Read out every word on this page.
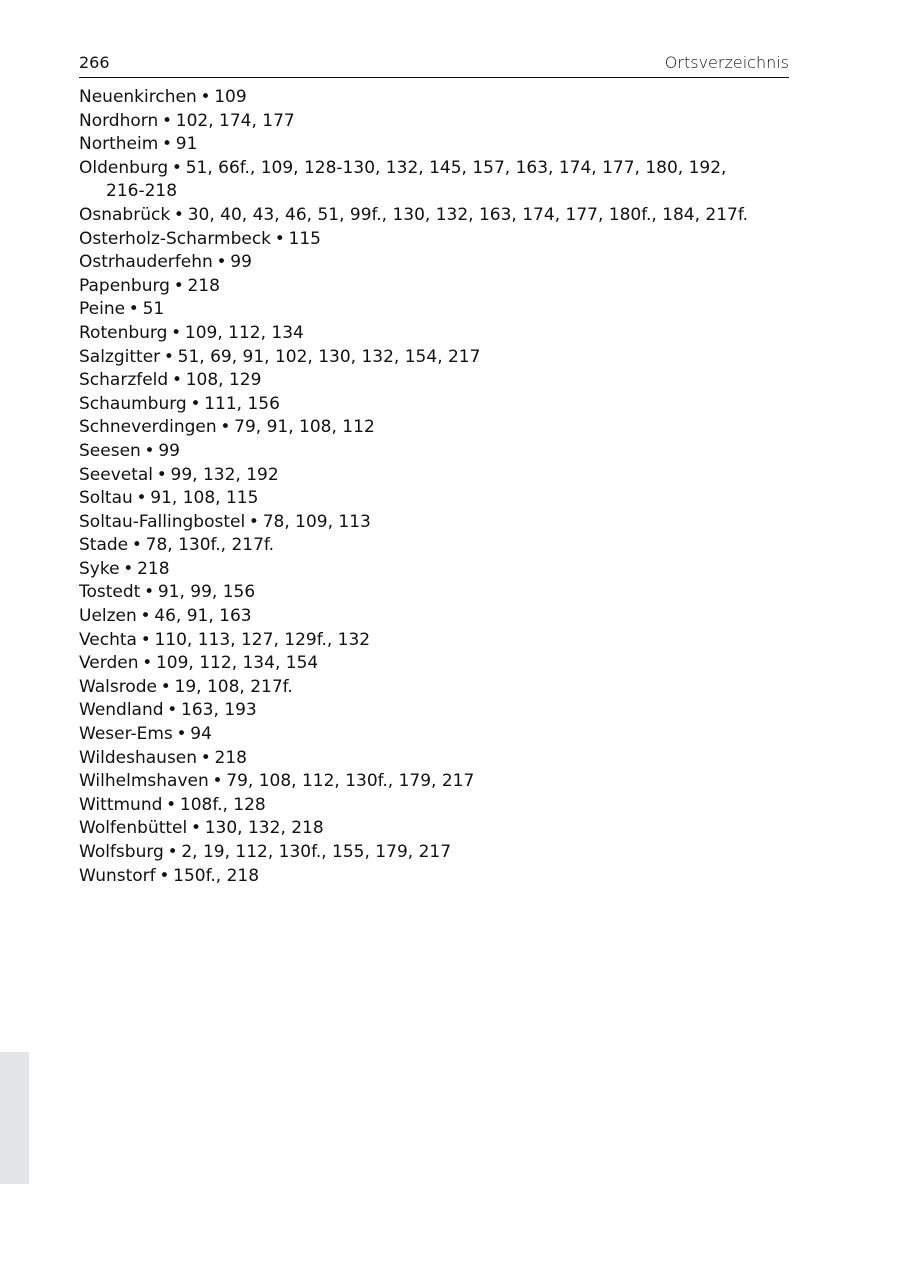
266	Ortsverzeichnis
Neuenkirchen • 109
Nordhorn • 102, 174, 177
Northeim • 91
Oldenburg • 51, 66f., 109, 128-130, 132, 145, 157, 163, 174, 177, 180, 192, 216-218
Osnabrück • 30, 40, 43, 46, 51, 99f., 130, 132, 163, 174, 177, 180f., 184, 217f.
Osterholz-Scharmbeck • 115
Ostrhauderfehn • 99
Papenburg • 218
Peine • 51
Rotenburg • 109, 112, 134
Salzgitter • 51, 69, 91, 102, 130, 132, 154, 217
Scharzfeld • 108, 129
Schaumburg • 111, 156
Schneverdingen • 79, 91, 108, 112
Seesen • 99
Seevetal • 99, 132, 192
Soltau • 91, 108, 115
Soltau-Fallingbostel • 78, 109, 113
Stade • 78, 130f., 217f.
Syke • 218
Tostedt • 91, 99, 156
Uelzen • 46, 91, 163
Vechta • 110, 113, 127, 129f., 132
Verden • 109, 112, 134, 154
Walsrode • 19, 108, 217f.
Wendland • 163, 193
Weser-Ems • 94
Wildeshausen • 218
Wilhelmshaven • 79, 108, 112, 130f., 179, 217
Wittmund • 108f., 128
Wolfenbüttel • 130, 132, 218
Wolfsburg • 2, 19, 112, 130f., 155, 179, 217
Wunstorf • 150f., 218
